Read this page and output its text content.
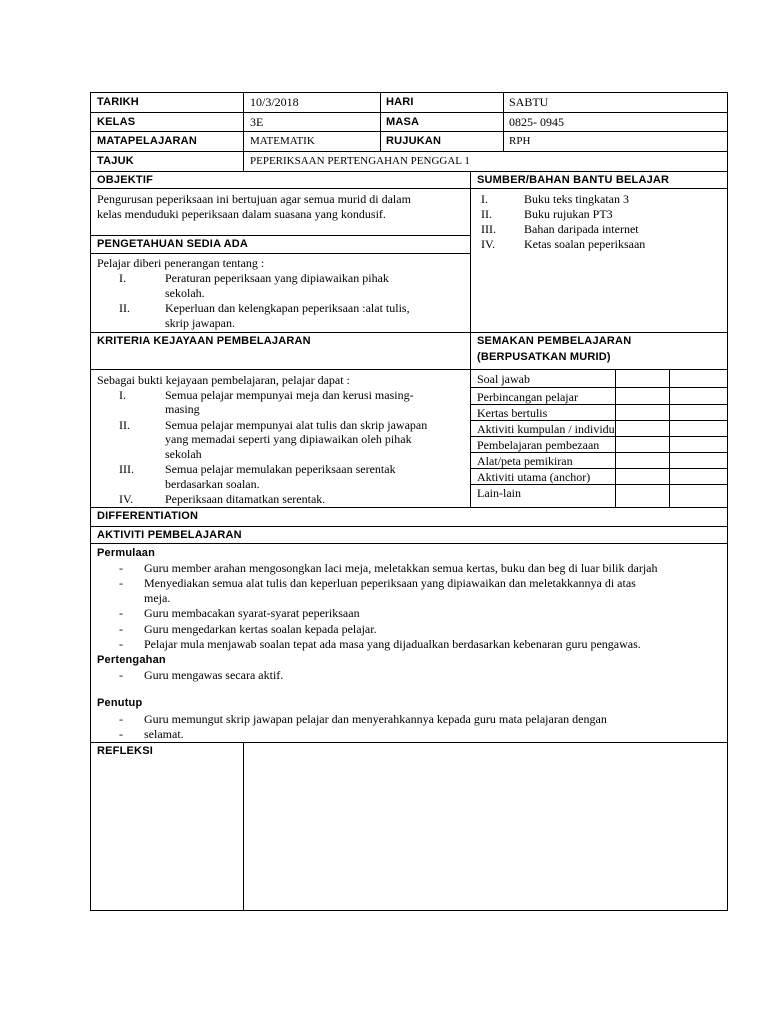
TARIKH	10/3/2018	HARI	SABTU
KELAS	3E	MASA	0825- 0945
MATAPELAJARAN	MATEMATIK	RUJUKAN	RPH
TAJUK	PEPERIKSAAN PERTENGAHAN PENGGAL 1
OBJEKTIF
Pengurusan peperiksaan ini bertujuan agar semua murid di dalam
kelas menduduki peperiksaan dalam suasana yang kondusif.
SUMBER/BAHAN BANTU BELAJAR
I.	Buku teks tingkatan 3
II.	Buku rujukan PT3
III. Bahan daripada internet
IV. Ketas soalan peperiksaan
PENGETAHUAN SEDIA ADA
Pelajar diberi penerangan tentang :
I.	Peraturan peperiksaan yang dipiawaikan pihak
sekolah.
II.	Keperluan dan kelengkapan peperiksaan :alat tulis,
skrip jawapan.
KRITERIA KEJAYAAN PEMBELAJARAN
Sebagai bukti kejayaan pembelajaran, pelajar dapat :
I.	Semua pelajar mempunyai meja dan kerusi masing-
masing
II.	Semua pelajar mempunyai alat tulis dan skrip jawapan
yang memadai seperti yang dipiawaikan oleh pihak
sekolah
III.	Semua pelajar memulakan peperiksaan serentak
berdasarkan soalan.
IV.	Peperiksaan ditamatkan serentak.
SEMAKAN PEMBELAJARAN
(BERPUSATKAN MURID)
Soal jawab
Perbincangan pelajar
Kertas bertulis
Aktiviti kumpulan / individu
Pembelajaran pembezaan
Alat/peta pemikiran
Aktiviti utama (anchor)
Lain-lain
DIFFERENTIATION
AKTIVITI PEMBELAJARAN
Permulaan
- Guru member arahan mengosongkan laci meja, meletakkan semua kertas, buku dan beg di luar bilik darjah
- Menyediakan semua alat tulis dan keperluan peperiksaan yang dipiawaikan dan meletakkannya di atas
meja.
- Guru membacakan syarat-syarat peperiksaan
- Guru mengedarkan kertas soalan kepada pelajar.
- Pelajar mula menjawab soalan tepat ada masa yang dijadualkan berdasarkan kebenaran guru pengawas.
Pertengahan
- Guru mengawas secara aktif.
Penutup
- Guru memungut skrip jawapan pelajar dan menyerahkannya kepada guru mata pelajaran dengan
- selamat.
REFLEKSI
